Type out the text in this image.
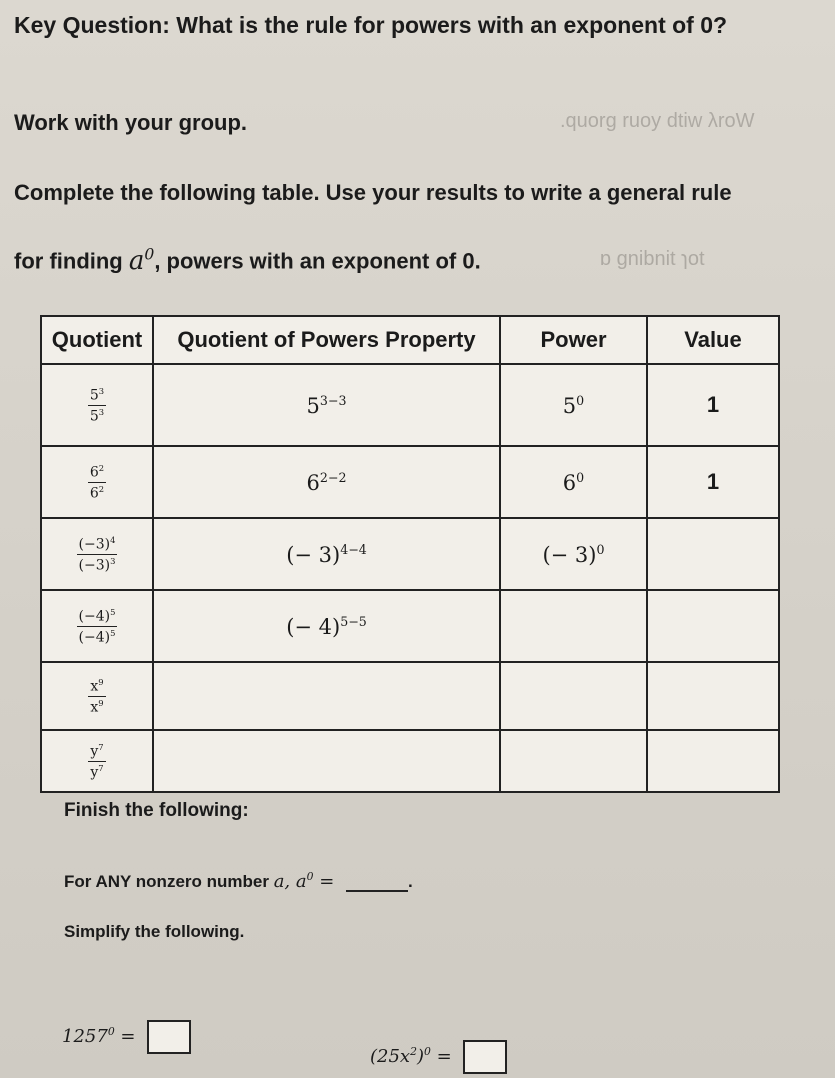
.quorg ruoy dtiw λroW
ɒ gnibnit ɿot
Key Question: What is the rule for powers with an exponent of 0?
Work with your group.
Complete the following table. Use your results to write a general rule
for finding $a^0$, powers with an exponent of 0.
Quotient	Quotient of Powers Property	Power	Value

$\frac{5^3}{5^3}$	$5^{3-3}$	$5^0$	1

$\frac{6^2}{6^2}$	$6^{2-2}$	$6^0$	1

$\frac{(-3)^4}{(-3)^3}$	(− 3)$^{4-4}$	(− 3)$^0$	

$\frac{(-4)^5}{(-4)^5}$	(− 4)$^{5-5}$		

$\frac{x^9}{x^9}$

$\frac{y^7}{y^7}$

Finish the following:
For ANY nonzero number a, $a^0$ =	.
Simplify the following.
$1257^0$ =
$(25x^2)^0$ =
